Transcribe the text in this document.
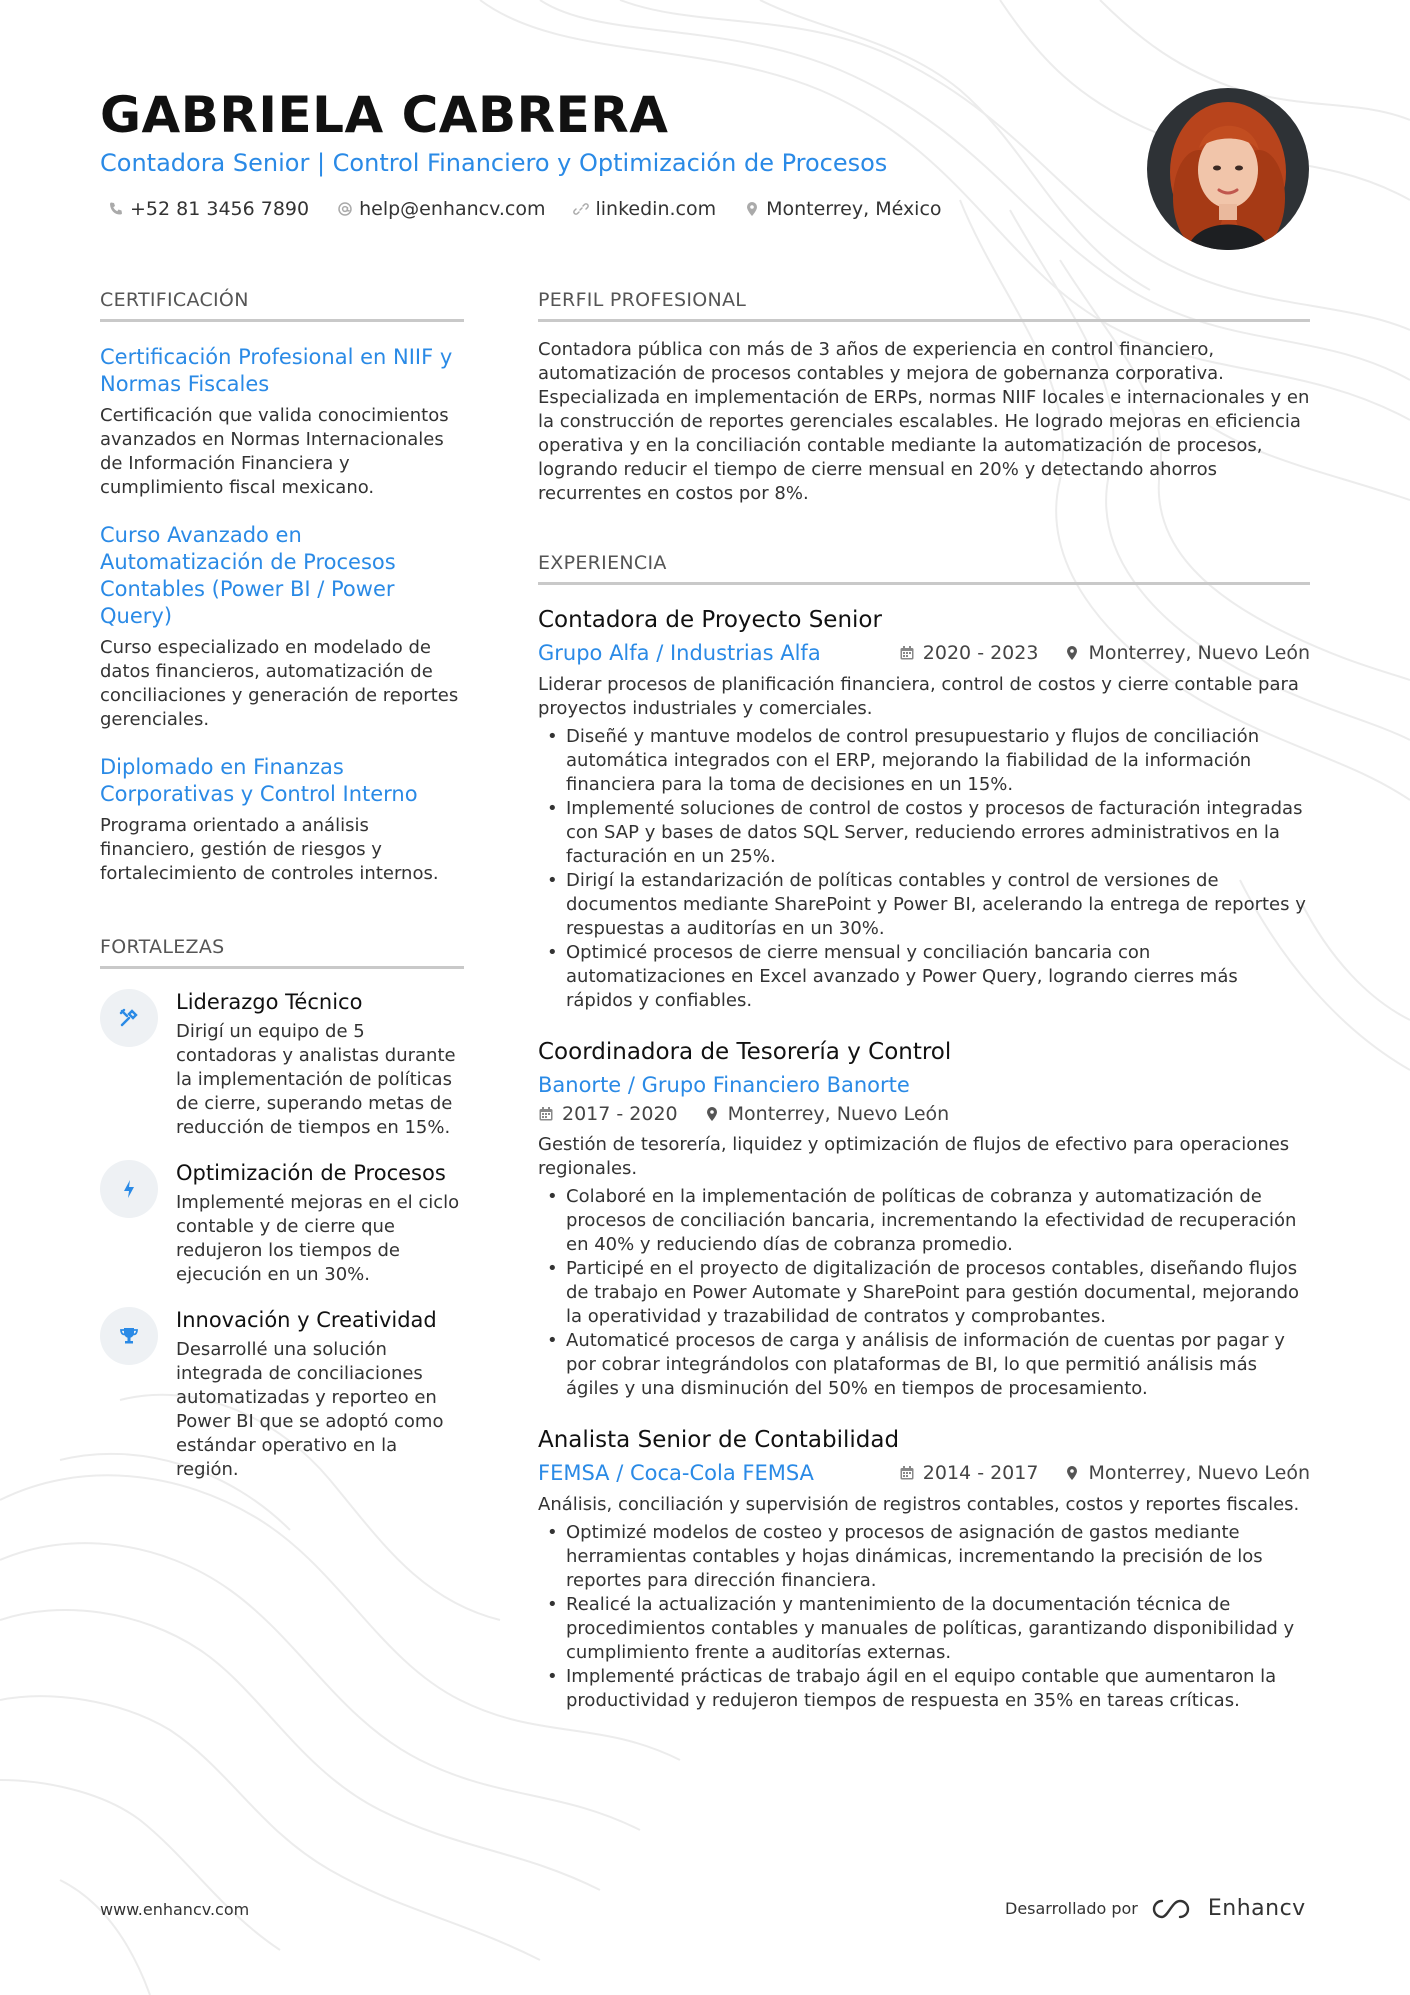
GABRIELA CABRERA
Contadora Senior | Control Financiero y Optimización de Procesos
+52 81 3456 7890	help@enhancv.com	linkedin.com	Monterrey, México
CERTIFICACIÓN
Certificación Profesional en NIIF y Normas Fiscales
Certificación que valida conocimientos avanzados en Normas Internacionales de Información Financiera y cumplimiento fiscal mexicano.
Curso Avanzado en Automatización de Procesos Contables (Power BI / Power Query)
Curso especializado en modelado de datos financieros, automatización de conciliaciones y generación de reportes gerenciales.
Diplomado en Finanzas Corporativas y Control Interno
Programa orientado a análisis financiero, gestión de riesgos y fortalecimiento de controles internos.
FORTALEZAS
Liderazgo Técnico
Dirigí un equipo de 5 contadoras y analistas durante la implementación de políticas de cierre, superando metas de reducción de tiempos en 15%.
Optimización de Procesos
Implementé mejoras en el ciclo contable y de cierre que redujeron los tiempos de ejecución en un 30%.
Innovación y Creatividad
Desarrollé una solución integrada de conciliaciones automatizadas y reporteo en Power BI que se adoptó como estándar operativo en la región.
PERFIL PROFESIONAL
Contadora pública con más de 3 años de experiencia en control financiero, automatización de procesos contables y mejora de gobernanza corporativa. Especializada en implementación de ERPs, normas NIIF locales e internacionales y en la construcción de reportes gerenciales escalables. He logrado mejoras en eficiencia operativa y en la conciliación contable mediante la automatización de procesos, logrando reducir el tiempo de cierre mensual en 20% y detectando ahorros recurrentes en costos por 8%.
EXPERIENCIA
Contadora de Proyecto Senior
Grupo Alfa / Industrias Alfa	2020 - 2023	Monterrey, Nuevo León
Liderar procesos de planificación financiera, control de costos y cierre contable para proyectos industriales y comerciales.
• Diseñé y mantuve modelos de control presupuestario y flujos de conciliación automática integrados con el ERP, mejorando la fiabilidad de la información financiera para la toma de decisiones en un 15%.
• Implementé soluciones de control de costos y procesos de facturación integradas con SAP y bases de datos SQL Server, reduciendo errores administrativos en la facturación en un 25%.
• Dirigí la estandarización de políticas contables y control de versiones de documentos mediante SharePoint y Power BI, acelerando la entrega de reportes y respuestas a auditorías en un 30%.
• Optimicé procesos de cierre mensual y conciliación bancaria con automatizaciones en Excel avanzado y Power Query, logrando cierres más rápidos y confiables.
Coordinadora de Tesorería y Control
Banorte / Grupo Financiero Banorte
2017 - 2020	Monterrey, Nuevo León
Gestión de tesorería, liquidez y optimización de flujos de efectivo para operaciones regionales.
• Colaboré en la implementación de políticas de cobranza y automatización de procesos de conciliación bancaria, incrementando la efectividad de recuperación en 40% y reduciendo días de cobranza promedio.
• Participé en el proyecto de digitalización de procesos contables, diseñando flujos de trabajo en Power Automate y SharePoint para gestión documental, mejorando la operatividad y trazabilidad de contratos y comprobantes.
• Automaticé procesos de carga y análisis de información de cuentas por pagar y por cobrar integrándolos con plataformas de BI, lo que permitió análisis más ágiles y una disminución del 50% en tiempos de procesamiento.
Analista Senior de Contabilidad
FEMSA / Coca-Cola FEMSA	2014 - 2017	Monterrey, Nuevo León
Análisis, conciliación y supervisión de registros contables, costos y reportes fiscales.
• Optimizé modelos de costeo y procesos de asignación de gastos mediante herramientas contables y hojas dinámicas, incrementando la precisión de los reportes para dirección financiera.
• Realicé la actualización y mantenimiento de la documentación técnica de procedimientos contables y manuales de políticas, garantizando disponibilidad y cumplimiento frente a auditorías externas.
• Implementé prácticas de trabajo ágil en el equipo contable que aumentaron la productividad y redujeron tiempos de respuesta en 35% en tareas críticas.
www.enhancv.com	Desarrollado por	Enhancv
